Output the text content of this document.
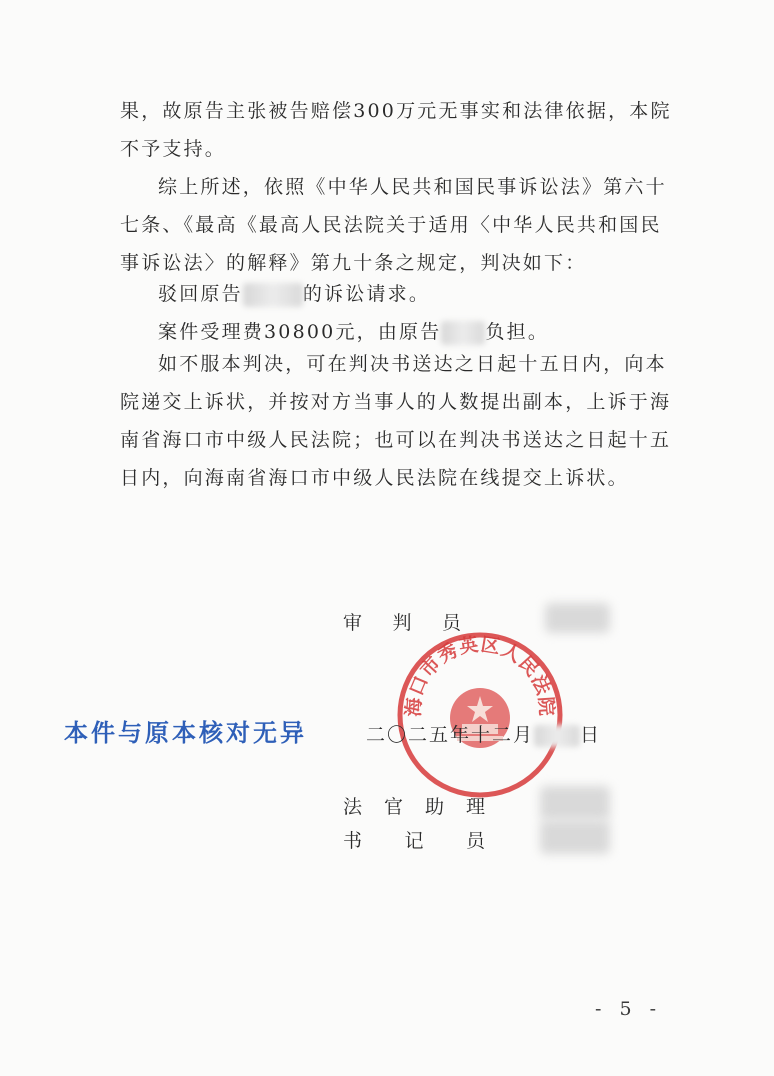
果，故原告主张被告赔偿300万元无事实和法律依据，本院

不予支持。

综上所述，依照《中华人民共和国民事诉讼法》第六十

七条、《最高《最高人民法院关于适用〈中华人民共和国民

事诉讼法〉的解释》第九十条之规定，判决如下：

驳回原告	的诉讼请求。

案件受理费30800元，由原告 负担。

如不服本判决，可在判决书送达之日起十五日内，向本

院递交上诉状，并按对方当事人的人数提出副本，上诉于海

南省海口市中级人民法院；也可以在判决书送达之日起十五

日内，向海南省海口市中级人民法院在线提交上诉状。

审 判 员
海口市秀英区人民法院
本件与原本核对无异	二〇二五年十二月 日
法 官 助 理
书 记 员
- 5 -
